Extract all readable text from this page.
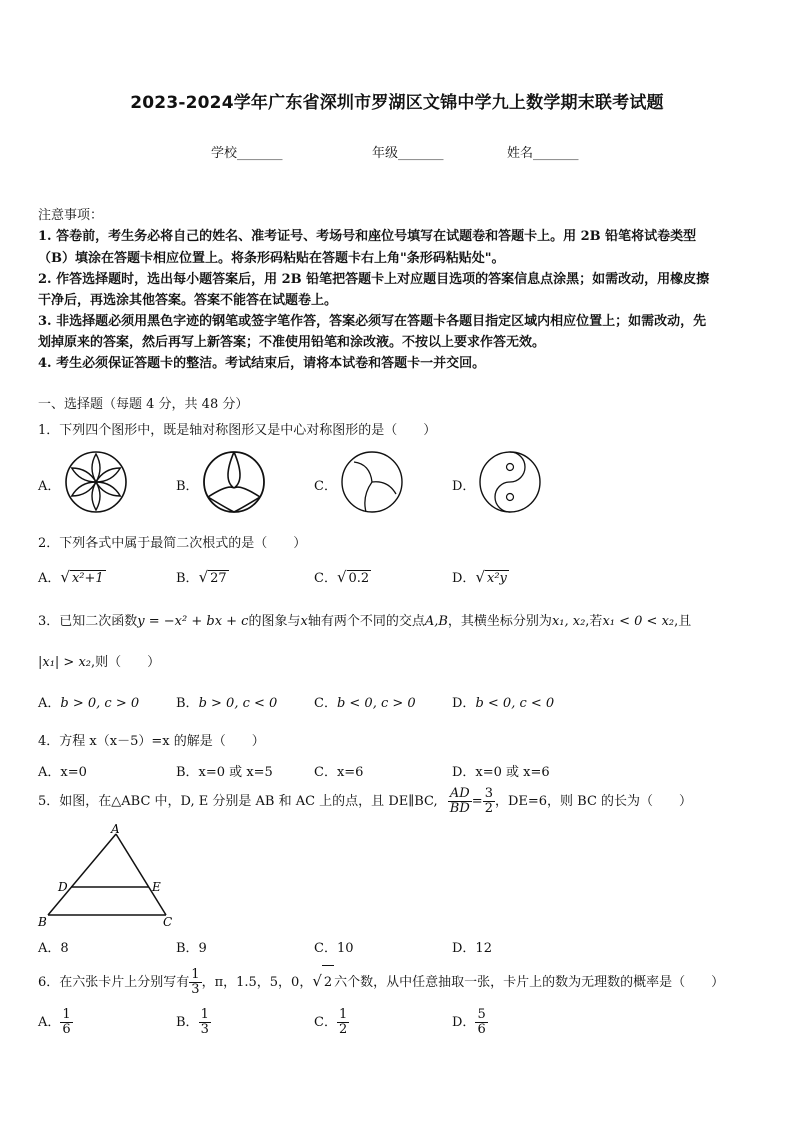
2023-2024学年广东省深圳市罗湖区文锦中学九上数学期末联考试题
学校_______	年级_______	姓名_______
注意事项：
1. 答卷前，考生务必将自己的姓名、准考证号、考场号和座位号填写在试题卷和答题卡上。用 2B 铅笔将试卷类型
（B）填涂在答题卡相应位置上。将条形码粘贴在答题卡右上角"条形码粘贴处"。
2. 作答选择题时，选出每小题答案后，用 2B 铅笔把答题卡上对应题目选项的答案信息点涂黑；如需改动，用橡皮擦
干净后，再选涂其他答案。答案不能答在试题卷上。
3. 非选择题必须用黑色字迹的钢笔或签字笔作答，答案必须写在答题卡各题目指定区域内相应位置上；如需改动，先
划掉原来的答案，然后再写上新答案；不准使用铅笔和涂改液。不按以上要求作答无效。
4. 考生必须保证答题卡的整洁。考试结束后，请将本试卷和答题卡一并交回。
一、选择题（每题 4 分，共 48 分）
1．下列四个图形中，既是轴对称图形又是中心对称图形的是（　　）
A．	B．	C．	D．
2．下列各式中属于最简二次根式的是（　　）
A．√ x²+1	B．√ 27	C．√ 0.2	D．√ x²y
3．已知二次函数y = −x² + bx + c的图象与x轴有两个不同的交点A,B，其横坐标分别为x₁, x₂,若x₁ < 0 < x₂,且
|x₁| > x₂,则（　　）
A．b > 0, c > 0	B．b > 0, c < 0	C．b < 0, c > 0	D．b < 0, c < 0
4．方程 x（x－5）=x 的解是（　　）
A．x=0	B．x=0 或 x=5	C．x=6	D．x=0 或 x=6
5．如图，在△ABC 中，D, E 分别是 AB 和 AC 上的点，且 DE∥BC, $\frac{AD}{BD} = \frac{3}{2}$ ，DE=6，则 BC 的长为（　　）
A
D	E
B	C
A．8	B．9	C．10	D．12
6．在六张卡片上分别写有 $\frac{1}{3}$ ，π，1.5，5，0，√ 2 六个数，从中任意抽取一张，卡片上的数为无理数的概率是（　　）
A． $\frac{1}{6}$	B． $\frac{1}{3}$	C． $\frac{1}{2}$	D． $\frac{5}{6}$
